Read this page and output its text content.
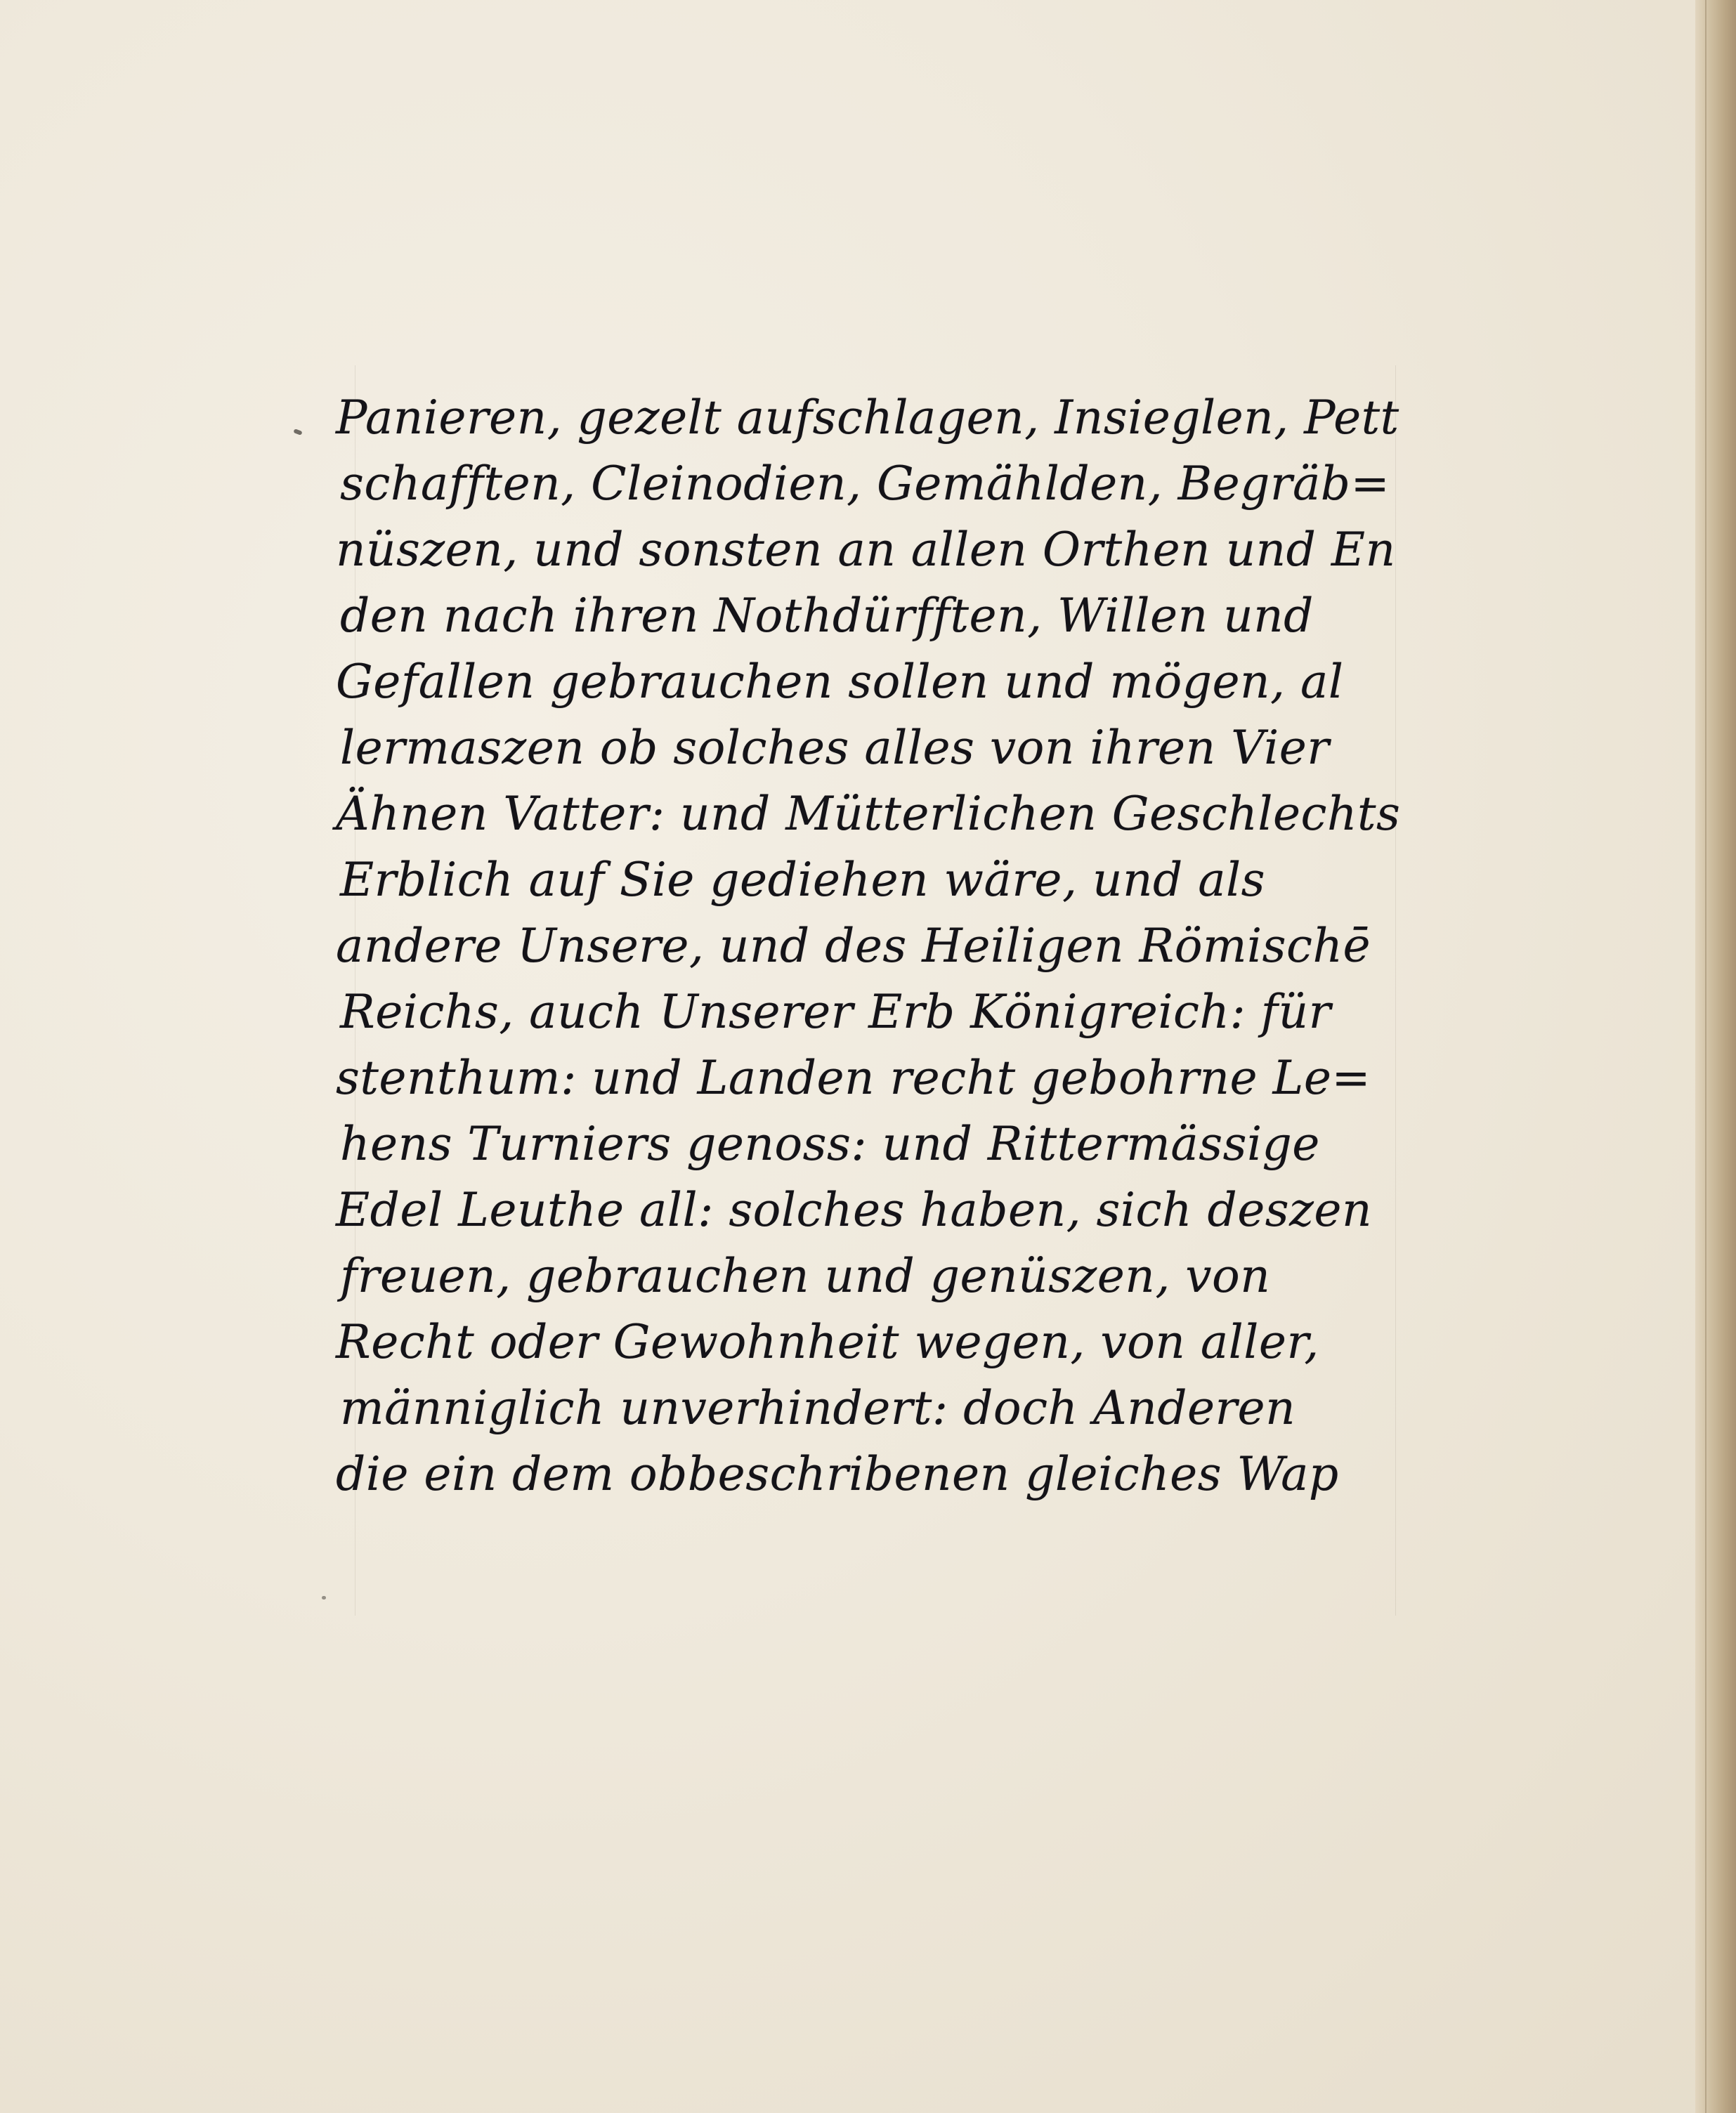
Panieren, gezelt aufschlagen, Insieglen, Pett
schafften, Cleinodien, Gemählden, Begräb=
nüszen, und sonsten an allen Orthen und En
den nach ihren Nothdürfften, Willen und
Gefallen gebrauchen sollen und mögen, al
lermaszen ob solches alles von ihren Vier
Ähnen Vatter: und Mütterlichen Geschlechts
Erblich auf Sie gediehen wäre, und als
andere Unsere, und des Heiligen Römischē
Reichs, auch Unserer Erb Königreich: für
stenthum: und Landen recht gebohrne Le=
hens Turniers genoss: und Rittermässige
Edel Leuthe all: solches haben, sich deszen
freuen, gebrauchen und genüszen, von
Recht oder Gewohnheit wegen, von aller,
männiglich unverhindert: doch Anderen
die ein dem obbeschribenen gleiches Wap
